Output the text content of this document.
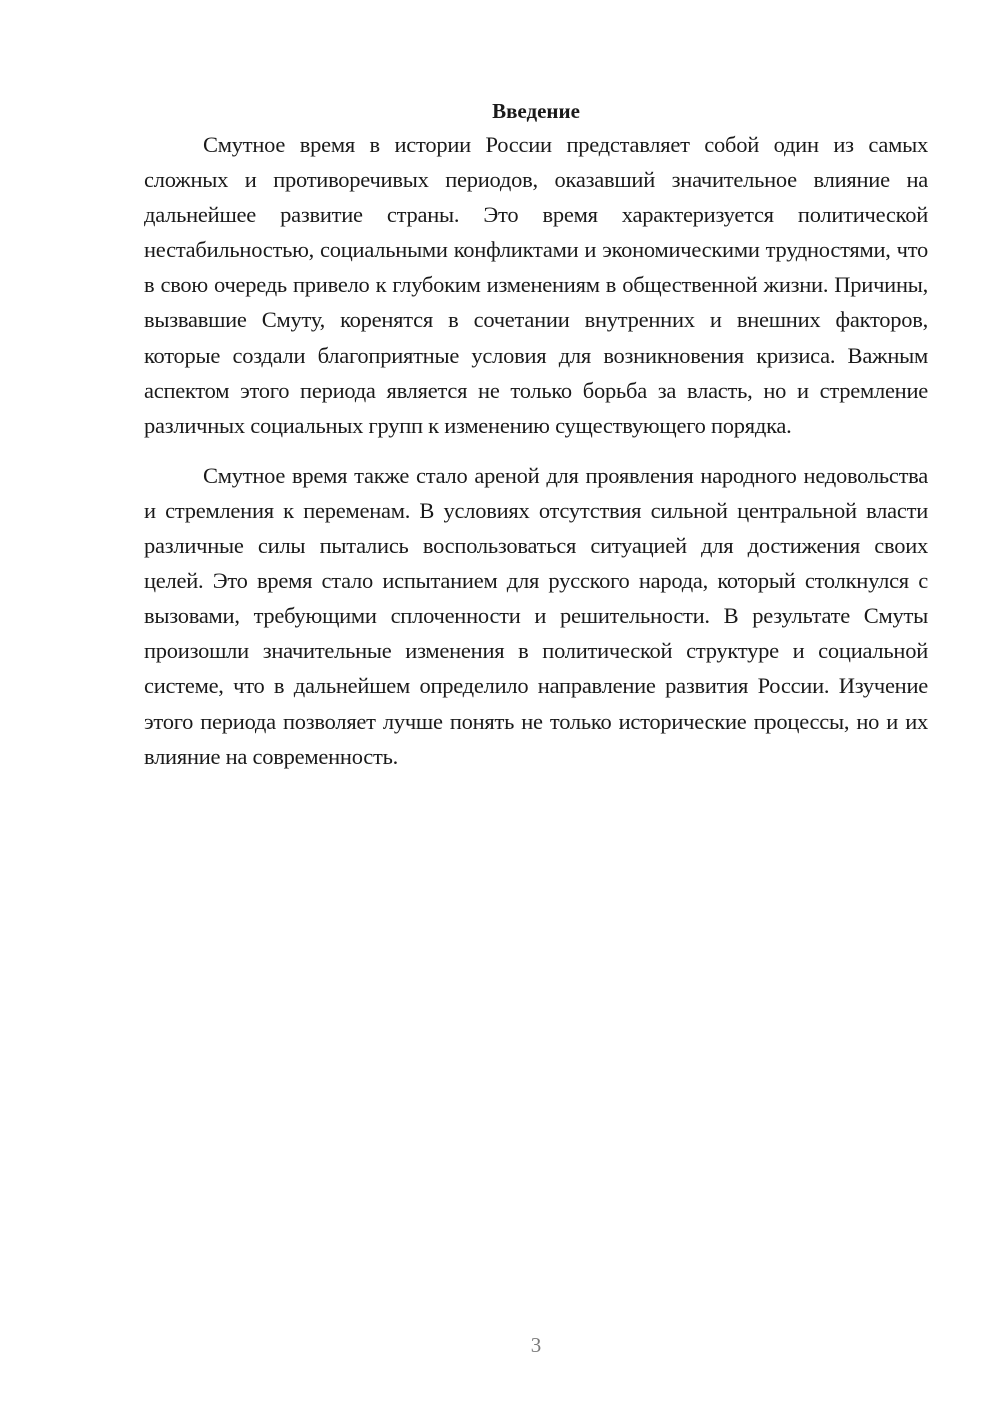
Введение

Смутное время в истории России представляет собой один из самых сложных и противоречивых периодов, оказавший значительное влияние на дальнейшее развитие страны. Это время характеризуется политической нестабильностью, социальными конфликтами и экономическими трудностями, что в свою очередь привело к глубоким изменениям в общественной жизни. Причины, вызвавшие Смуту, коренятся в сочетании внутренних и внешних факторов, которые создали благоприятные условия для возникновения кризиса. Важным аспектом этого периода является не только борьба за власть, но и стремление различных социальных групп к изменению существующего порядка.

Смутное время также стало ареной для проявления народного недовольства и стремления к переменам. В условиях отсутствия сильной центральной власти различные силы пытались воспользоваться ситуацией для достижения своих целей. Это время стало испытанием для русского народа, который столкнулся с вызовами, требующими сплоченности и решительности. В результате Смуты произошли значительные изменения в политической структуре и социальной системе, что в дальнейшем определило направление развития России. Изучение этого периода позволяет лучше понять не только исторические процессы, но и их влияние на современность.

3
